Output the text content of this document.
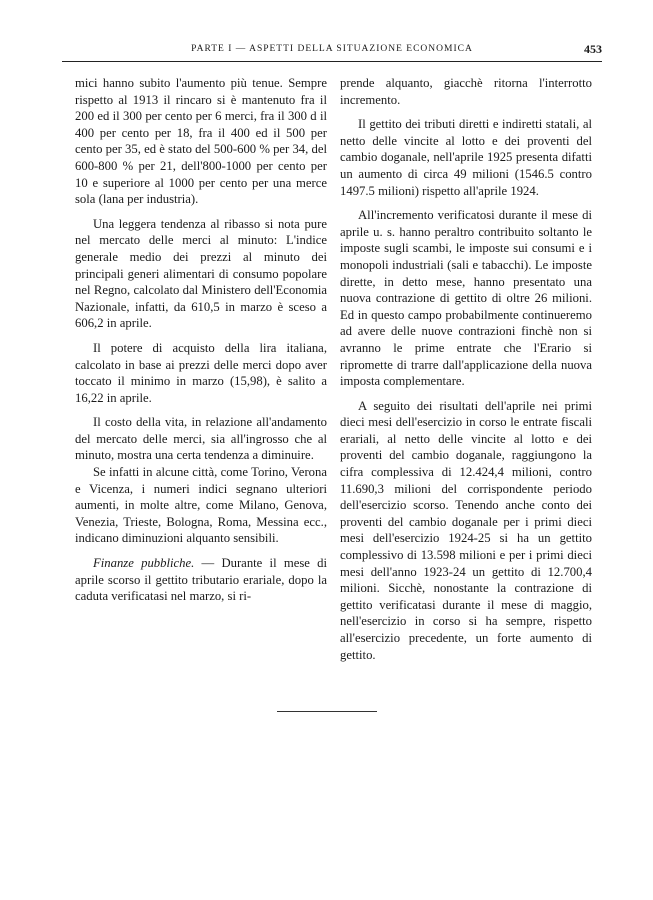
PARTE I — ASPETTI DELLA SITUAZIONE ECONOMICA	453

mici hanno subito l'aumento più tenue. Sempre rispetto al 1913 il rincaro si è mantenuto fra il 200 ed il 300 per cento per 6 merci, fra il 300 d il 400 per cento per 18, fra il 400 ed il 500 per cento per 35, ed è stato del 500-600 % per 34, del 600-800 % per 21, dell'800-1000 per cento per 10 e superiore al 1000 per cento per una merce sola (lana per industria).

Una leggera tendenza al ribasso si nota pure nel mercato delle merci al minuto: L'indice generale medio dei prezzi al minuto dei principali generi alimentari di consumo popolare nel Regno, calcolato dal Ministero dell'Economia Nazionale, infatti, da 610,5 in marzo è sceso a 606,2 in aprile.

Il potere di acquisto della lira italiana, calcolato in base ai prezzi delle merci dopo aver toccato il minimo in marzo (15,98), è salito a 16,22 in aprile.

Il costo della vita, in relazione all'andamento del mercato delle merci, sia all'ingrosso che al minuto, mostra una certa tendenza a diminuire.

Se infatti in alcune città, come Torino, Verona e Vicenza, i numeri indici segnano ulteriori aumenti, in molte altre, come Milano, Genova, Venezia, Trieste, Bologna, Roma, Messina ecc., indicano diminuzioni alquanto sensibili.

Finanze pubbliche. — Durante il mese di aprile scorso il gettito tributario erariale, dopo la caduta verificatasi nel marzo, si ri-

prende alquanto, giacchè ritorna l'interrotto incremento.

Il gettito dei tributi diretti e indiretti statali, al netto delle vincite al lotto e dei proventi del cambio doganale, nell'aprile 1925 presenta difatti un aumento di circa 49 milioni (1546.5 contro 1497.5 milioni) rispetto all'aprile 1924.

All'incremento verificatosi durante il mese di aprile u. s. hanno peraltro contribuito soltanto le imposte sugli scambi, le imposte sui consumi e i monopoli industriali (sali e tabacchi). Le imposte dirette, in detto mese, hanno presentato una nuova contrazione di gettito di oltre 26 milioni. Ed in questo campo probabilmente continueremo ad avere delle nuove contrazioni finchè non si avranno le prime entrate che l'Erario si ripromette di trarre dall'applicazione della nuova imposta complementare.

A seguito dei risultati dell'aprile nei primi dieci mesi dell'esercizio in corso le entrate fiscali erariali, al netto delle vincite al lotto e dei proventi del cambio doganale, raggiungono la cifra complessiva di 12.424,4 milioni, contro 11.690,3 milioni del corrispondente periodo dell'esercizio scorso. Tenendo anche conto dei proventi del cambio doganale per i primi dieci mesi dell'esercizio 1924-25 si ha un gettito complessivo di 13.598 milioni e per i primi dieci mesi dell'anno 1923-24 un gettito di 12.700,4 milioni. Sicchè, nonostante la contrazione di gettito verificatasi durante il mese di maggio, nell'esercizio in corso si ha sempre, rispetto all'esercizio precedente, un forte aumento di gettito.
